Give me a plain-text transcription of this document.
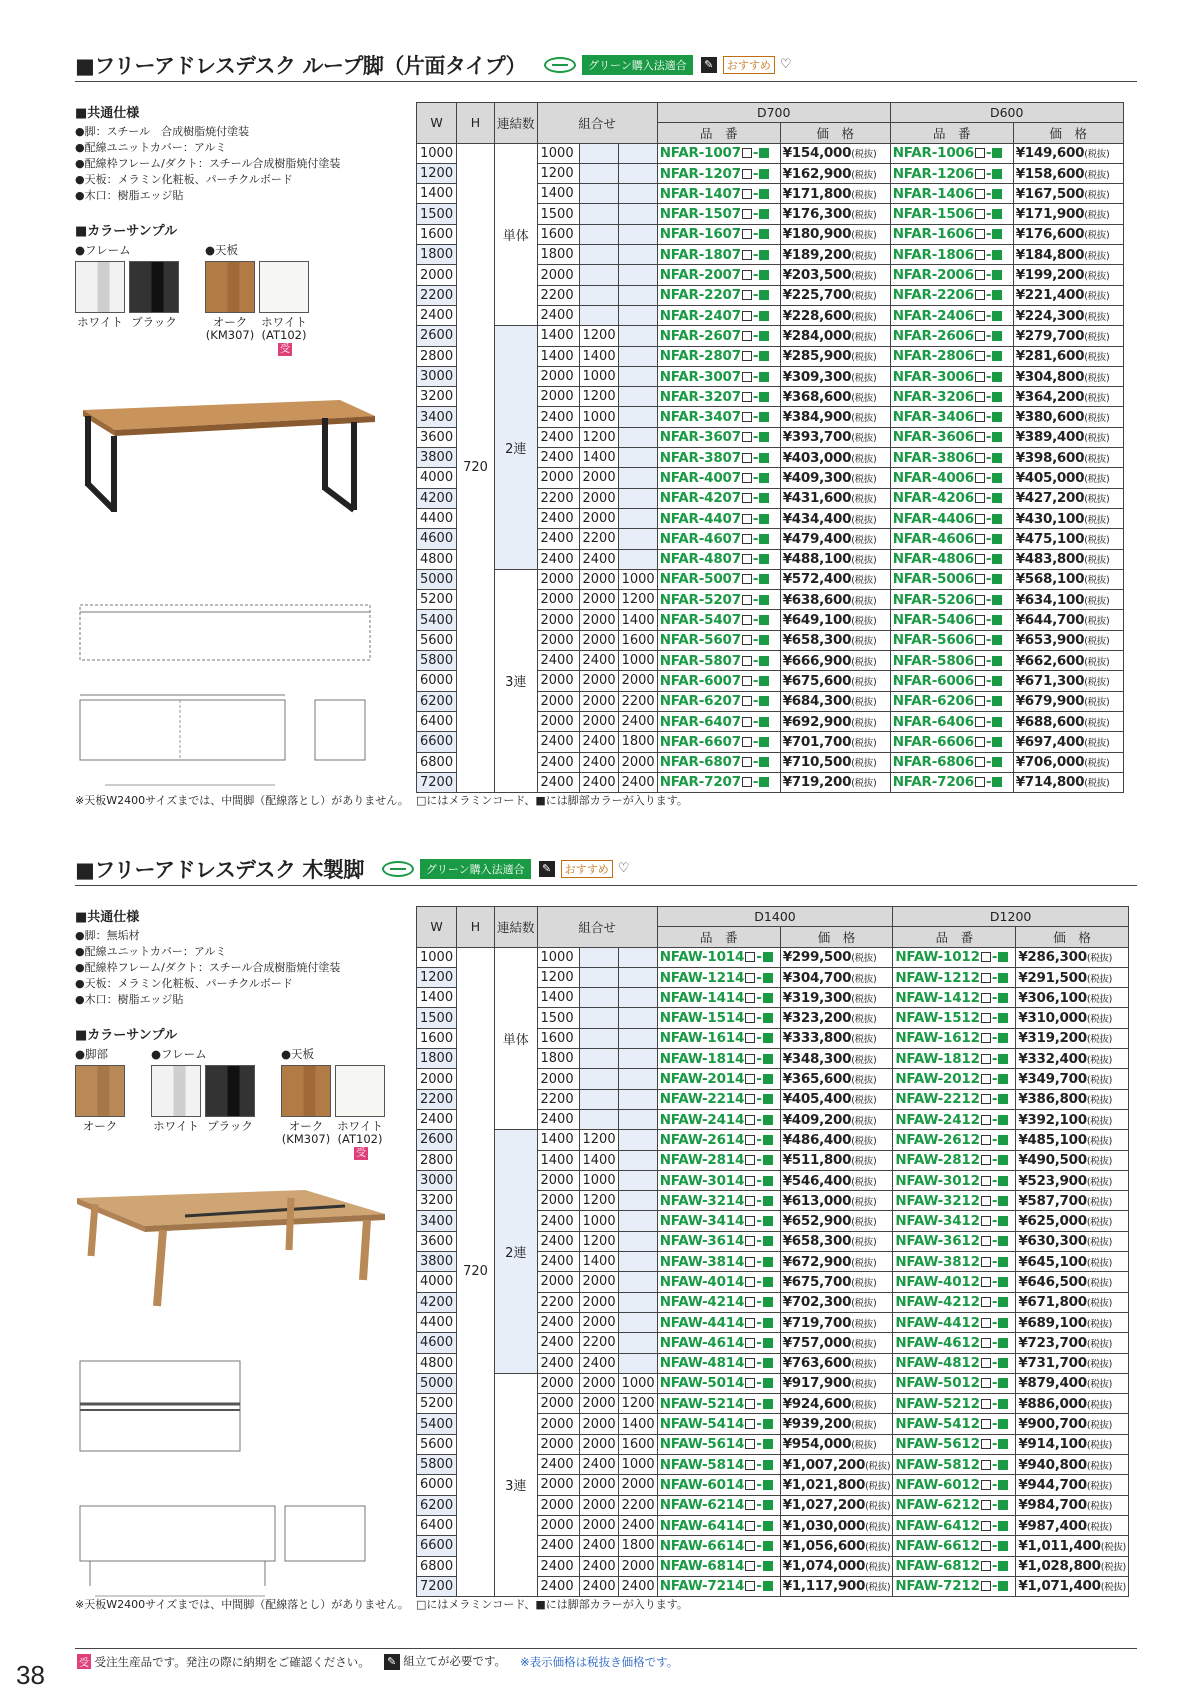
■フリーアドレスデスク ループ脚（片面タイプ）	グリーン購入法適合	✎	おすすめ ♡
■共通仕様
●脚：スチール　合成樹脂焼付塗装
●配線ユニットカバー：アルミ
●配線枠フレーム/ダクト：スチール合成樹脂焼付塗装
●天板：メラミン化粧板、パーチクルボード
●木口：樹脂エッジ貼
■カラーサンプル
●フレーム
ホワイト ブラック
●天板
オーク
(KM307)
ホワイト
(AT102)受
W	H	連結数	組合せ			D700		D600	
						品　番	価　格	品　番	価　格
1000	720	単体	1000			NFAR-1007 -	¥154,000(税抜)	NFAR-1006 -	¥149,600(税抜)
1200			1200			NFAR-1207 -	¥162,900(税抜)	NFAR-1206 -	¥158,600(税抜)
1400			1400			NFAR-1407 -	¥171,800(税抜)	NFAR-1406 -	¥167,500(税抜)
1500			1500			NFAR-1507 -	¥176,300(税抜)	NFAR-1506 -	¥171,900(税抜)
1600			1600			NFAR-1607 -	¥180,900(税抜)	NFAR-1606 -	¥176,600(税抜)
1800			1800			NFAR-1807 -	¥189,200(税抜)	NFAR-1806 -	¥184,800(税抜)
2000			2000			NFAR-2007 -	¥203,500(税抜)	NFAR-2006 -	¥199,200(税抜)
2200			2200			NFAR-2207 -	¥225,700(税抜)	NFAR-2206 -	¥221,400(税抜)
2400			2400			NFAR-2407 -	¥228,600(税抜)	NFAR-2406 -	¥224,300(税抜)
2600		2連	1400	1200		NFAR-2607 -	¥284,000(税抜)	NFAR-2606 -	¥279,700(税抜)
2800			1400	1400		NFAR-2807 -	¥285,900(税抜)	NFAR-2806 -	¥281,600(税抜)
3000			2000	1000		NFAR-3007 -	¥309,300(税抜)	NFAR-3006 -	¥304,800(税抜)
3200			2000	1200		NFAR-3207 -	¥368,600(税抜)	NFAR-3206 -	¥364,200(税抜)
3400			2400	1000		NFAR-3407 -	¥384,900(税抜)	NFAR-3406 -	¥380,600(税抜)
3600			2400	1200		NFAR-3607 -	¥393,700(税抜)	NFAR-3606 -	¥389,400(税抜)
3800			2400	1400		NFAR-3807 -	¥403,000(税抜)	NFAR-3806 -	¥398,600(税抜)
4000			2000	2000		NFAR-4007 -	¥409,300(税抜)	NFAR-4006 -	¥405,000(税抜)
4200			2200	2000		NFAR-4207 -	¥431,600(税抜)	NFAR-4206 -	¥427,200(税抜)
4400			2400	2000		NFAR-4407 -	¥434,400(税抜)	NFAR-4406 -	¥430,100(税抜)
4600			2400	2200		NFAR-4607 -	¥479,400(税抜)	NFAR-4606 -	¥475,100(税抜)
4800			2400	2400		NFAR-4807 -	¥488,100(税抜)	NFAR-4806 -	¥483,800(税抜)
5000		3連	2000	2000	1000	NFAR-5007 -	¥572,400(税抜)	NFAR-5006 -	¥568,100(税抜)
5200			2000	2000	1200	NFAR-5207 -	¥638,600(税抜)	NFAR-5206 -	¥634,100(税抜)
5400			2000	2000	1400	NFAR-5407 -	¥649,100(税抜)	NFAR-5406 -	¥644,700(税抜)
5600			2000	2000	1600	NFAR-5607 -	¥658,300(税抜)	NFAR-5606 -	¥653,900(税抜)
5800			2400	2400	1000	NFAR-5807 -	¥666,900(税抜)	NFAR-5806 -	¥662,600(税抜)
6000			2000	2000	2000	NFAR-6007 -	¥675,600(税抜)	NFAR-6006 -	¥671,300(税抜)
6200			2000	2000	2200	NFAR-6207 -	¥684,300(税抜)	NFAR-6206 -	¥679,900(税抜)
6400			2000	2000	2400	NFAR-6407 -	¥692,900(税抜)	NFAR-6406 -	¥688,600(税抜)
6600			2400	2400	1800	NFAR-6607 -	¥701,700(税抜)	NFAR-6606 -	¥697,400(税抜)
6800			2400	2400	2000	NFAR-6807 -	¥710,500(税抜)	NFAR-6806 -	¥706,000(税抜)
7200			2400	2400	2400	NFAR-7207 -	¥719,200(税抜)	NFAR-7206 -	¥714,800(税抜)
※天板W2400サイズまでは、中間脚（配線落とし）がありません。 □にはメラミンコード、■には脚部カラーが入ります。
■フリーアドレスデスク 木製脚	グリーン購入法適合	✎	おすすめ ♡
■共通仕様
●脚：無垢材
●配線ユニットカバー：アルミ
●配線枠フレーム/ダクト：スチール合成樹脂焼付塗装
●天板：メラミン化粧板、パーチクルボード
●木口：樹脂エッジ貼
■カラーサンプル
●脚部
オーク
●フレーム
ホワイト ブラック
●天板
オーク
(KM307)
ホワイト
(AT102)受
W	H	連結数	組合せ			D1400		D1200	
						品　番	価　格	品　番	価　格
1000	720	単体	1000			NFAW-1014 -	¥299,500(税抜)	NFAW-1012 -	¥286,300(税抜)
1200			1200			NFAW-1214 -	¥304,700(税抜)	NFAW-1212 -	¥291,500(税抜)
1400			1400			NFAW-1414 -	¥319,300(税抜)	NFAW-1412 -	¥306,100(税抜)
1500			1500			NFAW-1514 -	¥323,200(税抜)	NFAW-1512 -	¥310,000(税抜)
1600			1600			NFAW-1614 -	¥333,800(税抜)	NFAW-1612 -	¥319,200(税抜)
1800			1800			NFAW-1814 -	¥348,300(税抜)	NFAW-1812 -	¥332,400(税抜)
2000			2000			NFAW-2014 -	¥365,600(税抜)	NFAW-2012 -	¥349,700(税抜)
2200			2200			NFAW-2214 -	¥405,400(税抜)	NFAW-2212 -	¥386,800(税抜)
2400			2400			NFAW-2414 -	¥409,200(税抜)	NFAW-2412 -	¥392,100(税抜)
2600		2連	1400	1200		NFAW-2614 -	¥486,400(税抜)	NFAW-2612 -	¥485,100(税抜)
2800			1400	1400		NFAW-2814 -	¥511,800(税抜)	NFAW-2812 -	¥490,500(税抜)
3000			2000	1000		NFAW-3014 -	¥546,400(税抜)	NFAW-3012 -	¥523,900(税抜)
3200			2000	1200		NFAW-3214 -	¥613,000(税抜)	NFAW-3212 -	¥587,700(税抜)
3400			2400	1000		NFAW-3414 -	¥652,900(税抜)	NFAW-3412 -	¥625,000(税抜)
3600			2400	1200		NFAW-3614 -	¥658,300(税抜)	NFAW-3612 -	¥630,300(税抜)
3800			2400	1400		NFAW-3814 -	¥672,900(税抜)	NFAW-3812 -	¥645,100(税抜)
4000			2000	2000		NFAW-4014 -	¥675,700(税抜)	NFAW-4012 -	¥646,500(税抜)
4200			2200	2000		NFAW-4214 -	¥702,300(税抜)	NFAW-4212 -	¥671,800(税抜)
4400			2400	2000		NFAW-4414 -	¥719,700(税抜)	NFAW-4412 -	¥689,100(税抜)
4600			2400	2200		NFAW-4614 -	¥757,000(税抜)	NFAW-4612 -	¥723,700(税抜)
4800			2400	2400		NFAW-4814 -	¥763,600(税抜)	NFAW-4812 -	¥731,700(税抜)
5000		3連	2000	2000	1000	NFAW-5014 -	¥917,900(税抜)	NFAW-5012 -	¥879,400(税抜)
5200			2000	2000	1200	NFAW-5214 -	¥924,600(税抜)	NFAW-5212 -	¥886,000(税抜)
5400			2000	2000	1400	NFAW-5414 -	¥939,200(税抜)	NFAW-5412 -	¥900,700(税抜)
5600			2000	2000	1600	NFAW-5614 -	¥954,000(税抜)	NFAW-5612 -	¥914,100(税抜)
5800			2400	2400	1000	NFAW-5814 -	¥1,007,200(税抜)	NFAW-5812 -	¥940,800(税抜)
6000			2000	2000	2000	NFAW-6014 -	¥1,021,800(税抜)	NFAW-6012 -	¥944,700(税抜)
6200			2000	2000	2200	NFAW-6214 -	¥1,027,200(税抜)	NFAW-6212 -	¥984,700(税抜)
6400			2000	2000	2400	NFAW-6414 -	¥1,030,000(税抜)	NFAW-6412 -	¥987,400(税抜)
6600			2400	2400	1800	NFAW-6614 -	¥1,056,600(税抜)	NFAW-6612 -	¥1,011,400(税抜)
6800			2400	2400	2000	NFAW-6814 -	¥1,074,000(税抜)	NFAW-6812 -	¥1,028,800(税抜)
7200			2400	2400	2400	NFAW-7214 -	¥1,117,900(税抜)	NFAW-7212 -	¥1,071,400(税抜)
※天板W2400サイズまでは、中間脚（配線落とし）がありません。 □にはメラミンコード、■には脚部カラーが入ります。
38	受 受注生産品です。発注の際に納期をご確認ください。	✎ 組立てが必要です。 ※表示価格は税抜き価格です。
